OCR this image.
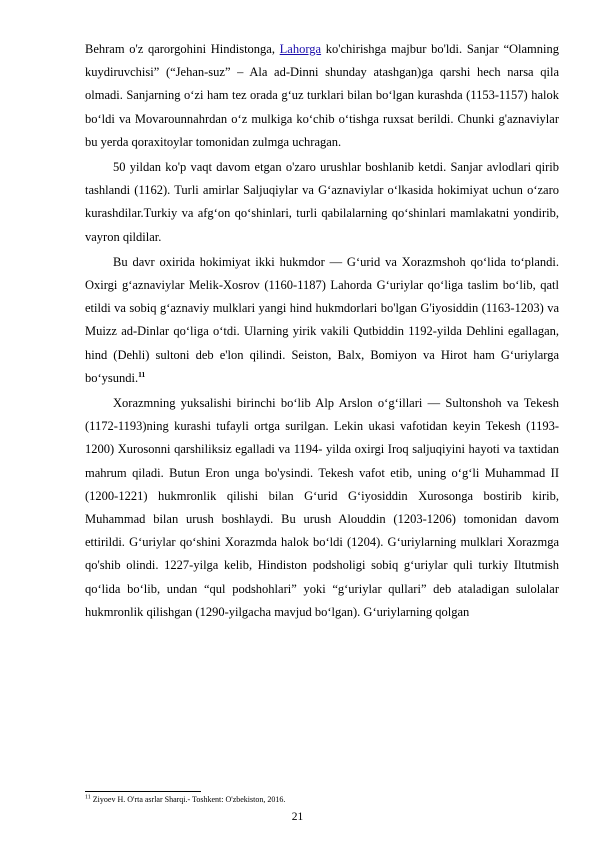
Behram o'z qarorgohini Hindistonga, Lahorga ko'chirishga majbur bo'ldi. Sanjar “Olamning kuydiruvchisi” (“Jehan-suz” – Ala ad-Dinni shunday atashgan)ga qarshi hech narsa qila olmadi. Sanjarning o‘zi ham tez orada g‘uz turklari bilan bo‘lgan kurashda (1153-1157) halok bo‘ldi va Movarounnahrdan o‘z mulkiga ko‘chib o‘tishga ruxsat berildi. Chunki g'aznaviylar bu yerda qoraxitoylar tomonidan zulmga uchragan.

50 yildan ko'p vaqt davom etgan o'zaro urushlar boshlanib ketdi. Sanjar avlodlari qirib tashlandi (1162). Turli amirlar Saljuqiylar va G‘aznaviylar o‘lkasida hokimiyat uchun o‘zaro kurashdilar.Turkiy va afg‘on qo‘shinlari, turli qabilalarning qo‘shinlari mamlakatni yondirib, vayron qildilar.

Bu davr oxirida hokimiyat ikki hukmdor — G‘urid va Xorazmshoh qo‘lida to‘plandi. Oxirgi g‘aznaviylar Melik-Xosrov (1160-1187) Lahorda G‘uriylar qo‘liga taslim bo‘lib, qatl etildi va sobiq g‘aznaviy mulklari yangi hind hukmdorlari bo'lgan G'iyosiddin (1163-1203) va Muizz ad-Dinlar qo‘liga o‘tdi. Ularning yirik vakili Qutbiddin 1192-yilda Dehlini egallagan, hind (Dehli) sultoni deb e'lon qilindi. Seiston, Balx, Bomiyon va Hirot ham G‘uriylarga bo‘ysundi.$^{11}$

Xorazmning yuksalishi birinchi bo‘lib Alp Arslon o‘g‘illari — Sultonshoh va Tekesh (1172-1193)ning kurashi tufayli ortga surilgan. Lekin ukasi vafotidan keyin Tekesh (1193-1200) Xurosonni qarshiliksiz egalladi va 1194- yilda oxirgi Iroq saljuqiyini hayoti va taxtidan mahrum qiladi. Butun Eron unga bo'ysindi. Tekesh vafot etib, uning o‘g‘li Muhammad II (1200-1221) hukmronlik qilishi bilan G‘urid G‘iyosiddin Xurosonga bostirib kirib, Muhammad bilan urush boshlaydi. Bu urush Alouddin (1203-1206) tomonidan davom ettirildi. G‘uriylar qo‘shini Xorazmda halok bo‘ldi (1204). G‘uriylarning mulklari Xorazmga qo'shib olindi. 1227-yilga kelib, Hindiston podsholigi sobiq g‘uriylar quli turkiy Iltutmish qo‘lida bo‘lib, undan “qul podshohlari” yoki “g‘uriylar qullari” deb ataladigan sulolalar hukmronlik qilishgan (1290-yilgacha mavjud bo‘lgan). G‘uriylarning qolgan

$^{11}$ Ziyoev H. O'rta asrlar Sharqi.- Toshkent: O'zbekiston, 2016.
21
